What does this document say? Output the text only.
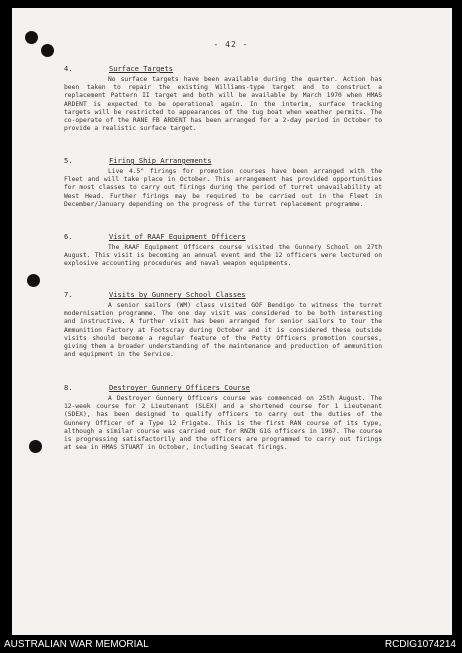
- 42 -
4.	Surface Targets

No surface targets have been available during the quarter. Action has been taken to repair the existing Williams-type target and to construct a replacement Pattern II target and both will be available by March 1970 when HMAS ARDENT is expected to be operational again. In the interim, surface tracking targets will be restricted to appearances of the tug boat when weather permits. The co-operate of the RANE FB ARDENT has been arranged for a 2-day period in October to provide a realistic surface target.

5.	Firing Ship Arrangements

Live 4.5" firings for promotion courses have been arranged with the Fleet and will take place in October. This arrangement has provided opportunities for most classes to carry out firings during the period of turret unavailability at West Head. Further firings may be required to be carried out in the Fleet in December/January depending on the progress of the turret replacement programme.

6.	Visit of RAAF Equipment Officers

The RAAF Equipment Officers course visited the Gunnery School on 27th August. This visit is becoming an annual event and the 12 officers were lectured on explosive accounting procedures and naval weapon equipments.

7.	Visits by Gunnery School Classes

A senior sailors (WM) class visited GOF Bendigo to witness the turret modernisation programme. The one day visit was considered to be both interesting and instructive. A further visit has been arranged for senior sailors to tour the Ammunition Factory at Footscray during October and it is considered these outside visits should become a regular feature of the Petty Officers promotion courses, giving them a broader understanding of the maintenance and production of ammunition and equipment in the Service.

8.	Destroyer Gunnery Officers Course

A Destroyer Gunnery Officers course was commenced on 25th August. The 12-week course for 2 Lieutenant (SLEX) and a shortened course for 1 Lieutenant (SDEX), has been designed to qualify officers to carry out the duties of the Gunnery Officer of a Type 12 Frigate. This is the first RAN course of its type, although a similar course was carried out for RNZN G1G officers in 1967. The course is progressing satisfactorily and the officers are programmed to carry out firings at sea in HMAS STUART in October, including Seacat firings.

AUSTRALIAN WAR MEMORIAL	RCDIG1074214
